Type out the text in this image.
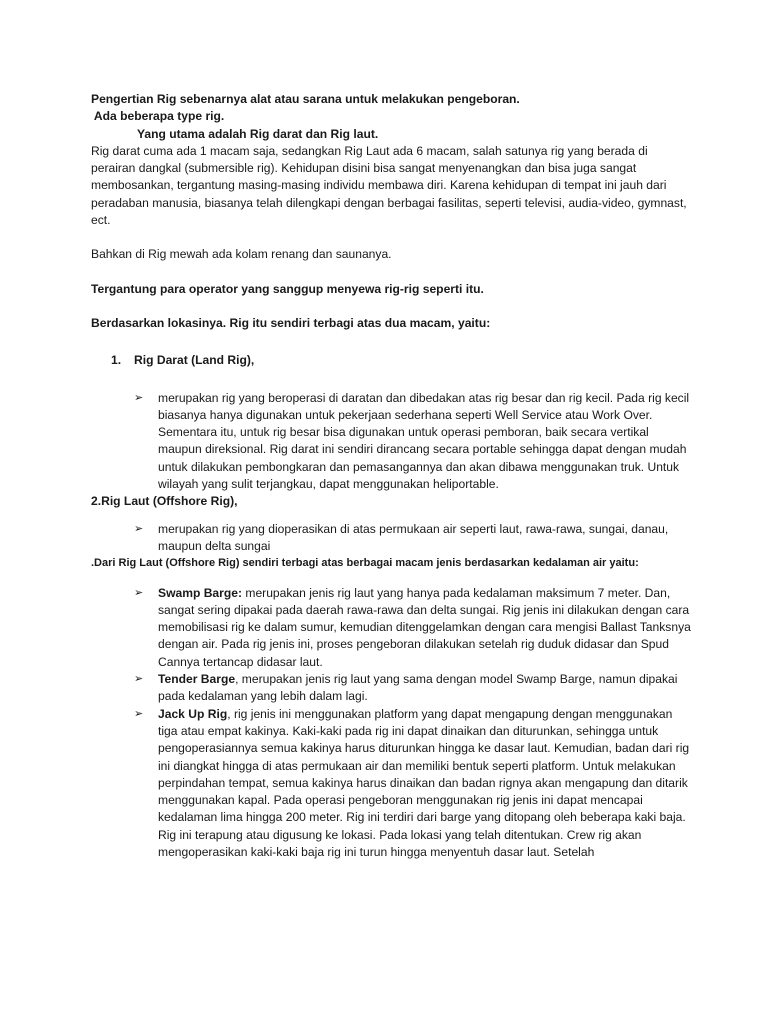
Pengertian Rig sebenarnya alat atau sarana untuk melakukan pengeboran.

Ada beberapa type rig.

Yang utama adalah Rig darat dan Rig laut.

Rig darat cuma ada 1 macam saja, sedangkan Rig Laut ada 6 macam, salah satunya rig yang berada di perairan dangkal (submersible rig). Kehidupan disini bisa sangat menyenangkan dan bisa juga sangat membosankan, tergantung masing-masing individu membawa diri. Karena kehidupan di tempat ini jauh dari peradaban manusia, biasanya telah dilengkapi dengan berbagai fasilitas, seperti televisi, audia-video, gymnast, ect.

Bahkan di Rig mewah ada kolam renang dan saunanya.

Tergantung para operator yang sanggup menyewa rig-rig seperti itu.

Berdasarkan lokasinya. Rig itu sendiri terbagi atas dua macam, yaitu:

1. Rig Darat (Land Rig),

➢	merupakan rig yang beroperasi di daratan dan dibedakan atas rig besar dan rig kecil. Pada rig kecil biasanya hanya digunakan untuk pekerjaan sederhana seperti Well Service atau Work Over. Sementara itu, untuk rig besar bisa digunakan untuk operasi pemboran, baik secara vertikal maupun direksional. Rig darat ini sendiri dirancang secara portable sehingga dapat dengan mudah untuk dilakukan pembongkaran dan pemasangannya dan akan dibawa menggunakan truk. Untuk wilayah yang sulit terjangkau, dapat menggunakan heliportable.

2.Rig Laut (Offshore Rig),

➢	merupakan rig yang dioperasikan di atas permukaan air seperti laut, rawa-rawa, sungai, danau, maupun delta sungai

.Dari Rig Laut (Offshore Rig) sendiri terbagi atas berbagai macam jenis berdasarkan kedalaman air yaitu:

➢	Swamp Barge: merupakan jenis rig laut yang hanya pada kedalaman maksimum 7 meter. Dan, sangat sering dipakai pada daerah rawa-rawa dan delta sungai. Rig jenis ini dilakukan dengan cara memobilisasi rig ke dalam sumur, kemudian ditenggelamkan dengan cara mengisi Ballast Tanksnya dengan air. Pada rig jenis ini, proses pengeboran dilakukan setelah rig duduk didasar dan Spud Cannya tertancap didasar laut.

➢	Tender Barge, merupakan jenis rig laut yang sama dengan model Swamp Barge, namun dipakai pada kedalaman yang lebih dalam lagi.

➢	Jack Up Rig, rig jenis ini menggunakan platform yang dapat mengapung dengan menggunakan tiga atau empat kakinya. Kaki-kaki pada rig ini dapat dinaikan dan diturunkan, sehingga untuk pengoperasiannya semua kakinya harus diturunkan hingga ke dasar laut. Kemudian, badan dari rig ini diangkat hingga di atas permukaan air dan memiliki bentuk seperti platform. Untuk melakukan perpindahan tempat, semua kakinya harus dinaikan dan badan rignya akan mengapung dan ditarik menggunakan kapal. Pada operasi pengeboran menggunakan rig jenis ini dapat mencapai kedalaman lima hingga 200 meter. Rig ini terdiri dari barge yang ditopang oleh beberapa kaki baja. Rig ini terapung atau digusung ke lokasi. Pada lokasi yang telah ditentukan. Crew rig akan mengoperasikan kaki-kaki baja rig ini turun hingga menyentuh dasar laut. Setelah
